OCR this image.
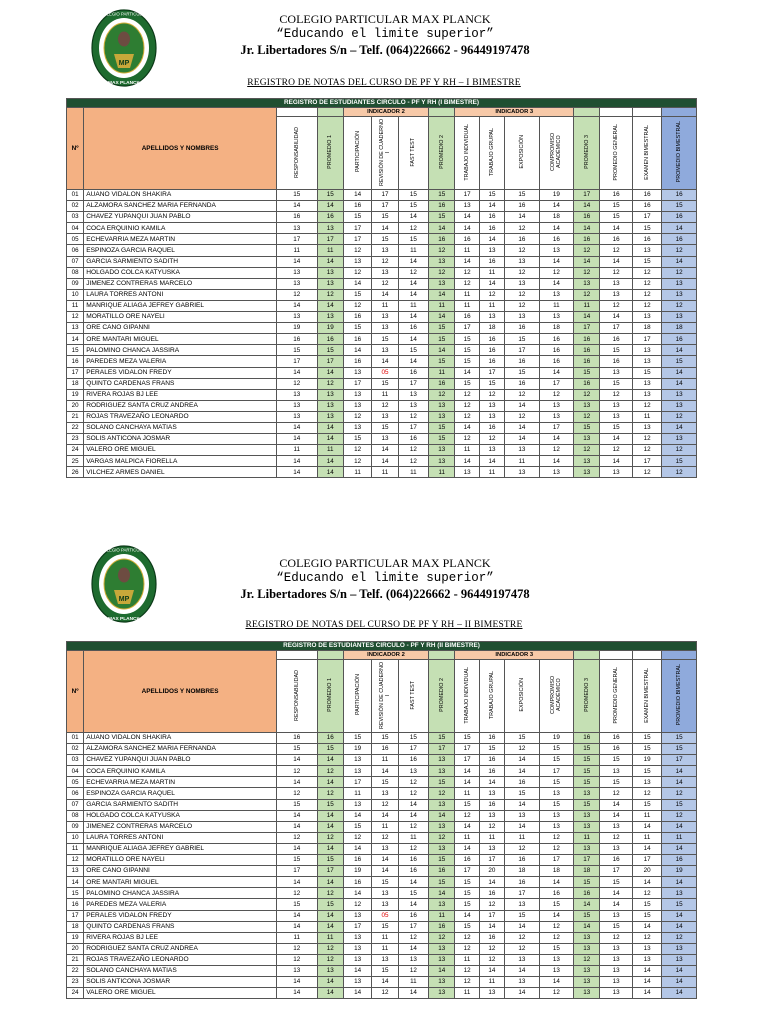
MP
COLEGIO PARTICULAR
MAX PLANCK
COLEGIO PARTICULAR MAX PLANCK
“Educando el limite superior”
Jr. Libertadores S/n – Telf. (064)226662 - 96449197478
REGISTRO DE NOTAS DEL CURSO DE PF Y RH – I BIMESTRE
REGISTRO DE ESTUDIANTES CIRCULO - PF Y RH (I BIMESTRE)															
Nº	APELLIDOS Y NOMBRES			INDICADOR 2				INDICADOR 3							
		RESPONSABILIDAD	PROMEDIO 1	PARTICIPACIÓN	REVISIÓN DE CUADERNO I	FAST TEST	PROMEDIO 2	TRABAJO INDIVIDUAL	TRABAJO GRUPAL	EXPOSICIÓN	COMPROMISO ACADÉMICO	PROMEDIO 3	PROMEDIO GENERAL	EXAMEN BIMESTRAL	PROMEDIO BIMESTRAL
01	AUANO VIDALON SHAKIRA	15	15	14	17	15	15	17	15	15	19	17	16	16	16
02	ALZAMORA SANCHEZ MARIA FERNANDA	14	14	16	17	15	16	13	14	16	14	14	15	16	15
03	CHAVEZ YUPANQUI JUAN PABLO	16	16	15	15	14	15	14	16	14	18	16	15	17	16
04	COCA ERQUINIO KAMILA	13	13	17	14	12	14	14	16	12	14	14	14	15	14
05	ECHEVARRIA MEZA MARTIN	17	17	17	15	15	16	16	14	16	16	16	16	16	16
06	ESPINOZA GARCIA RAQUEL	11	11	12	13	11	12	11	13	12	13	12	12	13	12
07	GARCIA SARMIENTO SADITH	14	14	13	12	14	13	14	16	13	14	14	14	15	14
08	HOLGADO COLCA KATYUSKA	13	13	12	13	12	12	12	11	12	12	12	12	12	12
09	JIMENEZ CONTRERAS MARCELO	13	13	14	12	14	13	12	14	13	14	13	13	12	13
10	LAURA TORRES ANTONI	12	12	15	14	14	14	11	12	12	13	12	13	12	13
11	MANRIQUE ALIAGA JEFREY GABRIEL	14	14	12	11	11	11	11	11	12	11	11	12	12	12
12	MORATILLO ORE NAYELI	13	13	16	13	14	14	16	13	13	13	14	14	13	13
13	ORE CANO GIPANNI	19	19	15	13	16	15	17	18	16	18	17	17	18	18
14	ORE MANTARI MIGUEL	16	16	16	15	14	15	15	16	15	16	16	16	17	16
15	PALOMINO CHANCA JASSIRA	15	15	14	13	15	14	15	16	17	16	16	15	13	14
16	PAREDES MEZA VALERIA	17	17	16	14	14	15	15	16	16	16	16	16	13	15
17	PERALES VIDALON FREDY	14	14	13	05	16	11	14	17	15	14	15	13	15	14
18	QUINTO CARDENAS FRANS	12	12	17	15	17	16	15	15	16	17	16	15	13	14
19	RIVERA ROJAS BJ LEE	13	13	13	11	13	12	12	12	12	12	12	12	13	13
20	RODRIGUEZ SANTA CRUZ ANDREA	13	13	13	12	13	13	12	13	14	13	13	13	12	13
21	ROJAS TRAVEZAÑO LEONARDO	13	13	12	13	12	13	12	13	12	13	12	13	11	12
22	SOLANO CANCHAYA MATIAS	14	14	13	15	17	15	14	16	14	17	15	15	13	14
23	SOLIS ANTICONA JOSMAR	14	14	15	13	16	15	12	12	14	14	13	14	12	13
24	VALERO ORE MIGUEL	11	11	12	14	12	13	11	13	13	12	12	12	12	12
25	VARGAS MALPICA FIORELLA	14	14	12	14	12	13	14	14	11	14	13	14	17	15
26	VILCHEZ ARMES DANIEL	14	14	11	11	11	11	13	11	13	13	13	13	12	12
MP
COLEGIO PARTICULAR
MAX PLANCK
COLEGIO PARTICULAR MAX PLANCK
“Educando el limite superior”
Jr. Libertadores S/n – Telf. (064)226662 - 96449197478
REGISTRO DE NOTAS DEL CURSO DE PF Y RH – II BIMESTRE
REGISTRO DE ESTUDIANTES CIRCULO - PF Y RH (II BIMESTRE)															
Nº	APELLIDOS Y NOMBRES			INDICADOR 2				INDICADOR 3							
		RESPONSABILIDAD	PROMEDIO 1	PARTICIPACIÓN	REVISIÓN DE CUADERNO I	FAST TEST	PROMEDIO 2	TRABAJO INDIVIDUAL	TRABAJO GRUPAL	EXPOSICIÓN	COMPROMISO ACADÉMICO	PROMEDIO 3	PROMEDIO GENERAL	EXAMEN BIMESTRAL	PROMEDIO BIMESTRAL
01	AUANO VIDALON SHAKIRA	16	16	15	15	15	15	15	16	15	19	16	16	15	15
02	ALZAMORA SANCHEZ MARIA FERNANDA	15	15	19	16	17	17	17	15	12	15	15	16	15	15
03	CHAVEZ YUPANQUI JUAN PABLO	14	14	13	11	16	13	17	16	14	15	15	15	19	17
04	COCA ERQUINIO KAMILA	12	12	13	14	13	13	14	16	14	17	15	13	15	14
05	ECHEVARRIA MEZA MARTIN	14	14	17	15	12	15	14	14	16	15	15	15	13	14
06	ESPINOZA GARCIA RAQUEL	12	12	11	13	12	12	11	13	15	13	13	12	12	12
07	GARCIA SARMIENTO SADITH	15	15	13	12	14	13	15	16	14	15	15	14	15	15
08	HOLGADO COLCA KATYUSKA	14	14	14	14	14	14	12	13	13	13	13	14	11	12
09	JIMENEZ CONTRERAS MARCELO	14	14	15	11	12	13	14	12	14	13	13	13	14	14
10	LAURA TORRES ANTONI	12	12	12	12	11	12	11	11	11	12	11	12	11	11
11	MANRIQUE ALIAGA JEFREY GABRIEL	14	14	14	13	12	13	14	13	12	12	13	13	14	14
12	MORATILLO ORE NAYELI	15	15	16	14	16	15	16	17	16	17	17	16	17	16
13	ORE CANO GIPANNI	17	17	19	14	16	16	17	20	18	18	18	17	20	19
14	ORE MANTARI MIGUEL	14	14	16	15	14	15	15	14	16	14	15	15	14	14
15	PALOMINO CHANCA JASSIRA	12	12	14	13	15	14	15	16	17	16	16	14	12	13
16	PAREDES MEZA VALERIA	15	15	12	13	14	13	15	12	13	15	14	14	15	15
17	PERALES VIDALON FREDY	14	14	13	05	16	11	14	17	15	14	15	13	15	14
18	QUINTO CARDENAS FRANS	14	14	17	15	17	16	15	14	14	12	14	15	14	14
19	RIVERA ROJAS BJ LEE	11	11	13	11	12	12	12	16	12	12	13	12	12	12
20	RODRIGUEZ SANTA CRUZ ANDREA	12	12	13	11	14	13	12	12	12	15	13	13	13	13
21	ROJAS TRAVEZAÑO LEONARDO	12	12	13	13	13	13	11	12	13	13	12	13	13	13
22	SOLANO CANCHAYA MATIAS	13	13	14	15	12	14	12	14	14	13	13	13	14	14
23	SOLIS ANTICONA JOSMAR	14	14	13	14	11	13	12	11	13	14	13	13	14	14
24	VALERO ORE MIGUEL	14	14	14	12	14	13	11	13	14	12	13	13	14	14
